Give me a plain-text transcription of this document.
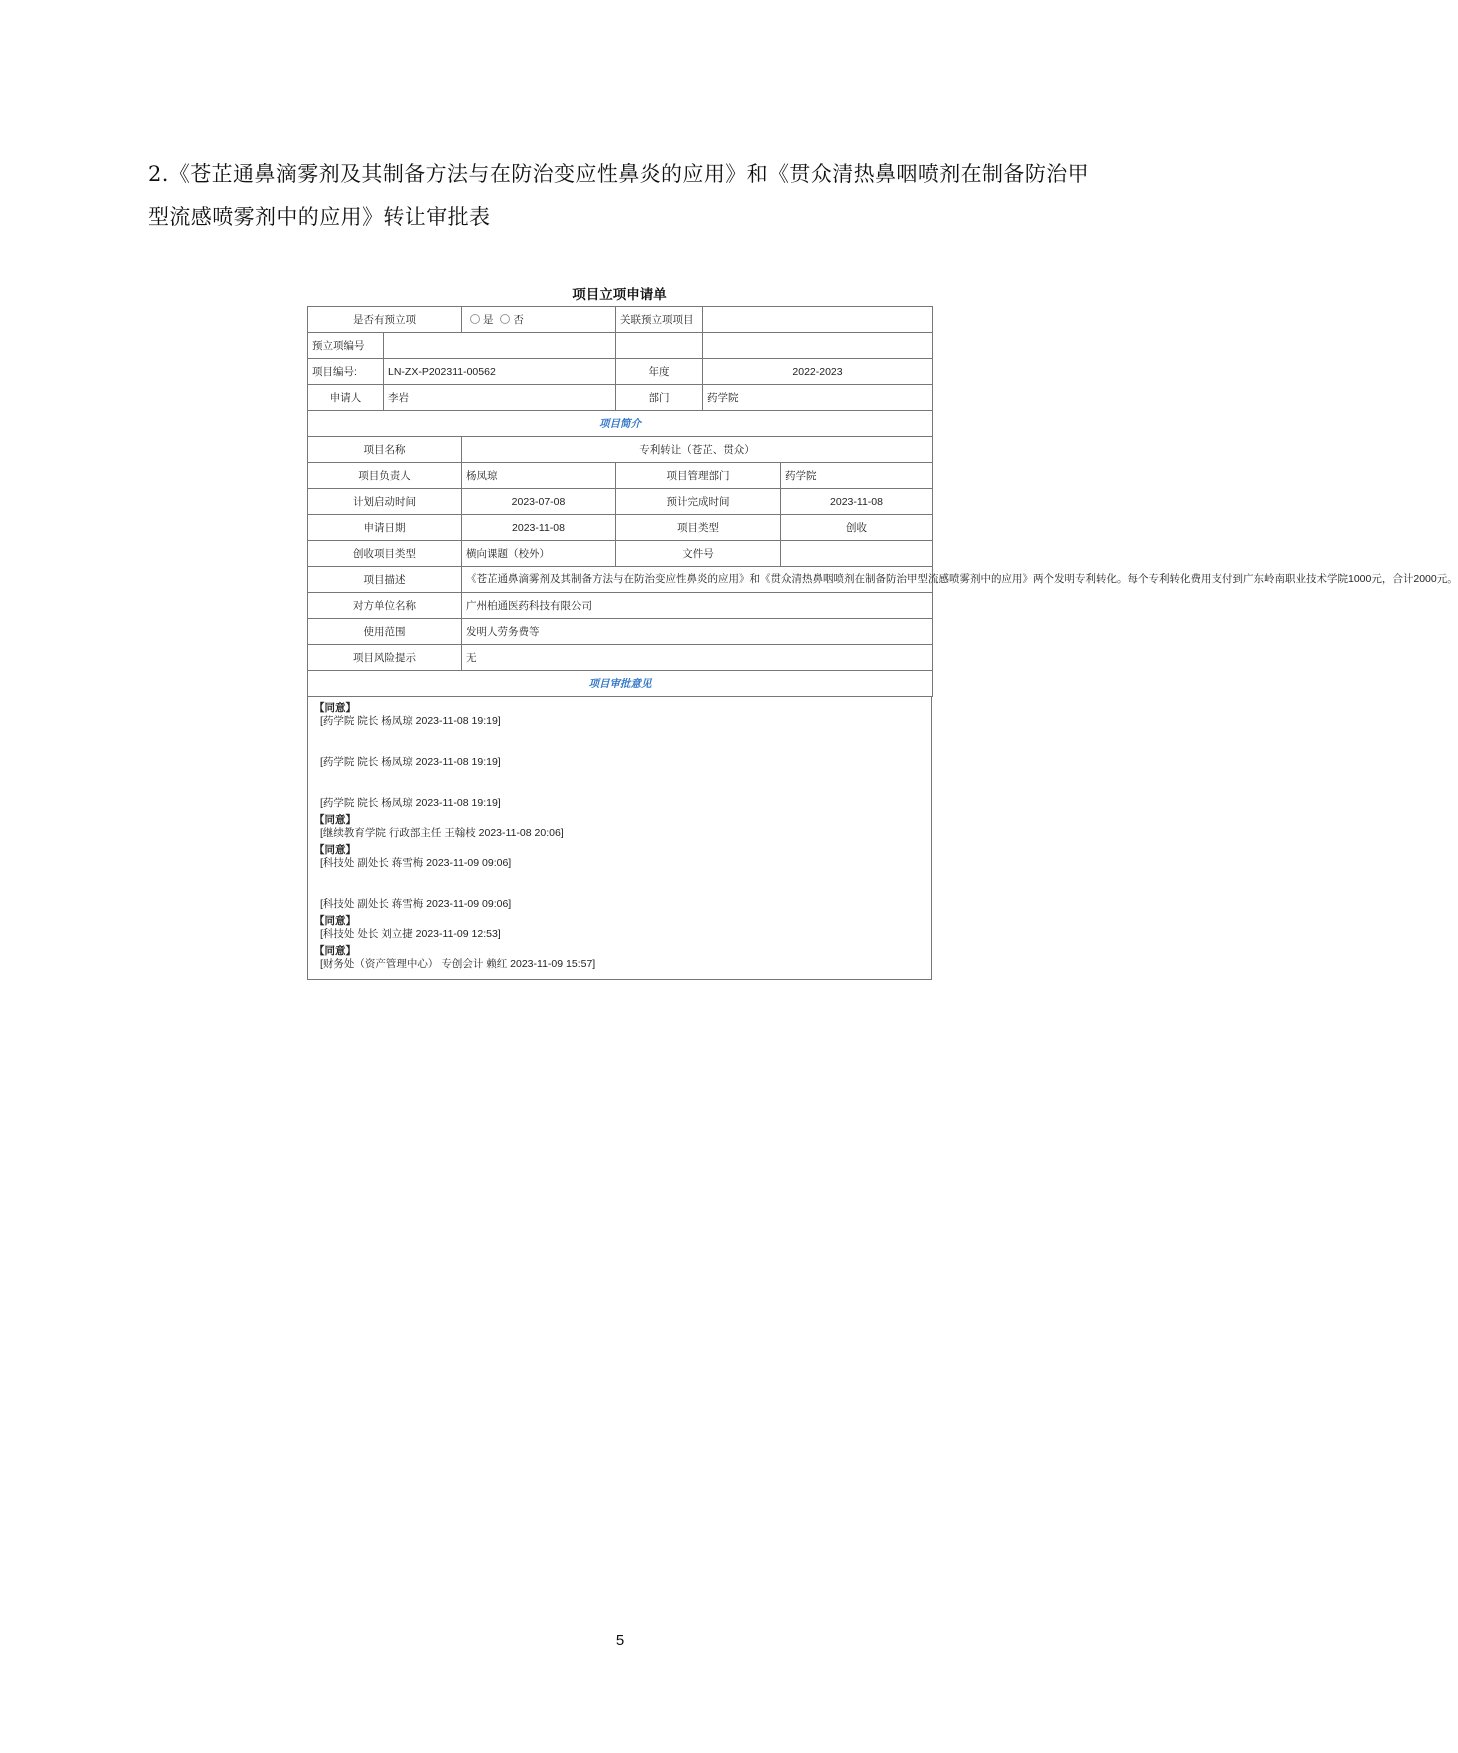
2.《苍芷通鼻滴雾剂及其制备方法与在防治变应性鼻炎的应用》和《贯众清热鼻咽喷剂在制备防治甲型流感喷雾剂中的应用》转让审批表
项目立项申请单
是否有预立项		是 否	关联预立项项目		
预立项编号					
项目编号:	LN-ZX-P202311-00562		年度	2022-2023	
申请人	李岩		部门	药学院	
项目简介					
项目名称		专利转让（苍芷、贯众）			
项目负责人		杨凤琼	项目管理部门		药学院
计划启动时间		2023-07-08	预计完成时间		2023-11-08
申请日期		2023-11-08	项目类型		创收
创收项目类型		横向课题（校外）	文件号		
项目描述		《苍芷通鼻滴雾剂及其制备方法与在防治变应性鼻炎的应用》和《贯众清热鼻咽喷剂在制备防治甲型流感喷雾剂中的应用》两个发明专利转化。每个专利转化费用支付到广东岭南职业技术学院1000元，合计2000元。			
对方单位名称		广州柏通医药科技有限公司			
使用范围		发明人劳务费等			
项目风险提示		无			
项目审批意见					
【同意】
[药学院 院长 杨凤琼 2023-11-08 19:19]
[药学院 院长 杨凤琼 2023-11-08 19:19]
[药学院 院长 杨凤琼 2023-11-08 19:19]
【同意】
[继续教育学院 行政部主任 王翰枝 2023-11-08 20:06]
【同意】
[科技处 副处长 蒋雪梅 2023-11-09 09:06]
[科技处 副处长 蒋雪梅 2023-11-09 09:06]
【同意】
[科技处 处长 刘立捷 2023-11-09 12:53]
【同意】
[财务处（资产管理中心） 专创会计 赖红 2023-11-09 15:57]
5
